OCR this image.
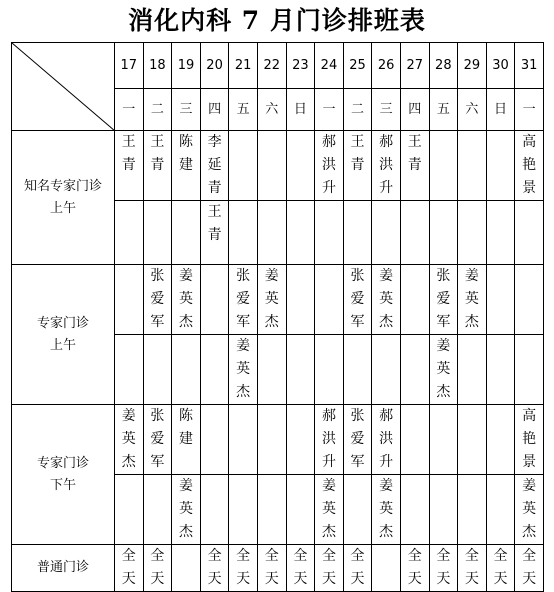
消化内科 7 月门诊排班表
	17	18	19	20	21	22	23	24	25	26	27	28	29	30	31
	一	二	三	四	五	六	日	一	二	三	四	五	六	日	一

知名专家门诊
上午	王青	王青	陈建	李延青				郝洪升	王青	郝洪升	王青				高艳景

				王青											

专家门诊
上午		张爱军	姜英杰		张爱军	姜英杰			张爱军	姜英杰		张爱军	姜英杰		

					姜英杰							姜英杰			

专家门诊
下午	姜英杰	张爱军	陈建					郝洪升	张爱军	郝洪升					高艳景

			姜英杰					姜英杰		姜英杰					姜英杰

普通门诊	全天	全天		全天	全天	全天	全天	全天	全天		全天	全天	全天	全天	全天
